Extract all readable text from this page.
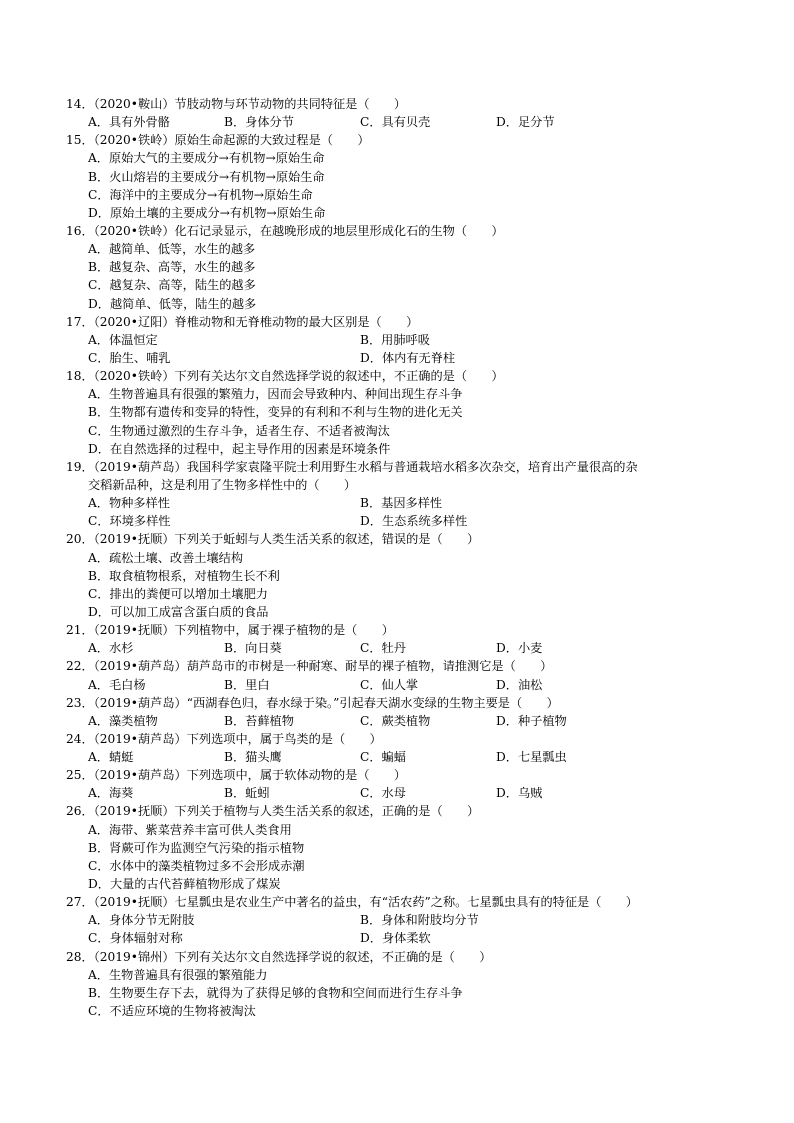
14．（2020•鞍山）节肢动物与环节动物的共同特征是（　　）
A．具有外骨骼	B．身体分节	C．具有贝壳	D．足分节
15．（2020•铁岭）原始生命起源的大致过程是（　　）
A．原始大气的主要成分→有机物→原始生命
B．火山熔岩的主要成分→有机物→原始生命
C．海洋中的主要成分→有机物→原始生命
D．原始土壤的主要成分→有机物→原始生命
16．（2020•铁岭）化石记录显示，在越晚形成的地层里形成化石的生物（　　）
A．越简单、低等，水生的越多
B．越复杂、高等，水生的越多
C．越复杂、高等，陆生的越多
D．越简单、低等，陆生的越多
17．（2020•辽阳）脊椎动物和无脊椎动物的最大区别是（　　）
A．体温恒定	B．用肺呼吸
C．胎生、哺乳	D．体内有无脊柱
18．（2020•铁岭）下列有关达尔文自然选择学说的叙述中，不正确的是（　　）
A．生物普遍具有很强的繁殖力，因而会导致种内、种间出现生存斗争
B．生物都有遗传和变异的特性，变异的有利和不利与生物的进化无关
C．生物通过激烈的生存斗争，适者生存、不适者被淘汰
D．在自然选择的过程中，起主导作用的因素是环境条件
19．（2019•葫芦岛）我国科学家袁隆平院士利用野生水稻与普通栽培水稻多次杂交，培育出产量很高的杂
交稻新品种，这是利用了生物多样性中的（　　）
A．物种多样性	B．基因多样性
C．环境多样性	D．生态系统多样性
20．（2019•抚顺）下列关于蚯蚓与人类生活关系的叙述，错误的是（　　）
A．疏松土壤、改善土壤结构
B．取食植物根系，对植物生长不利
C．排出的粪便可以增加土壤肥力
D．可以加工成富含蛋白质的食品
21．（2019•抚顺）下列植物中，属于裸子植物的是（　　）
A．水杉	B．向日葵	C．牡丹	D．小麦
22．（2019•葫芦岛）葫芦岛市的市树是一种耐寒、耐旱的裸子植物，请推测它是（　　）
A．毛白杨	B．里白	C．仙人掌	D．油松
23．（2019•葫芦岛）“西湖春色归，春水绿于染。”引起春天湖水变绿的生物主要是（　　）
A．藻类植物	B．苔藓植物	C．蕨类植物	D．种子植物
24．（2019•葫芦岛）下列选项中，属于鸟类的是（　　）
A．蜻蜓	B．猫头鹰	C．蝙蝠	D．七星瓢虫
25．（2019•葫芦岛）下列选项中，属于软体动物的是（　　）
A．海葵	B．蚯蚓	C．水母	D．乌贼
26．（2019•抚顺）下列关于植物与人类生活关系的叙述，正确的是（　　）
A．海带、紫菜营养丰富可供人类食用
B．肾蕨可作为监测空气污染的指示植物
C．水体中的藻类植物过多不会形成赤潮
D．大量的古代苔藓植物形成了煤炭
27．（2019•抚顺）七星瓢虫是农业生产中著名的益虫，有“活农药”之称。七星瓢虫具有的特征是（　　）
A．身体分节无附肢	B．身体和附肢均分节
C．身体辐射对称	D．身体柔软
28．（2019•锦州）下列有关达尔文自然选择学说的叙述，不正确的是（　　）
A．生物普遍具有很强的繁殖能力
B．生物要生存下去，就得为了获得足够的食物和空间而进行生存斗争
C．不适应环境的生物将被淘汰
